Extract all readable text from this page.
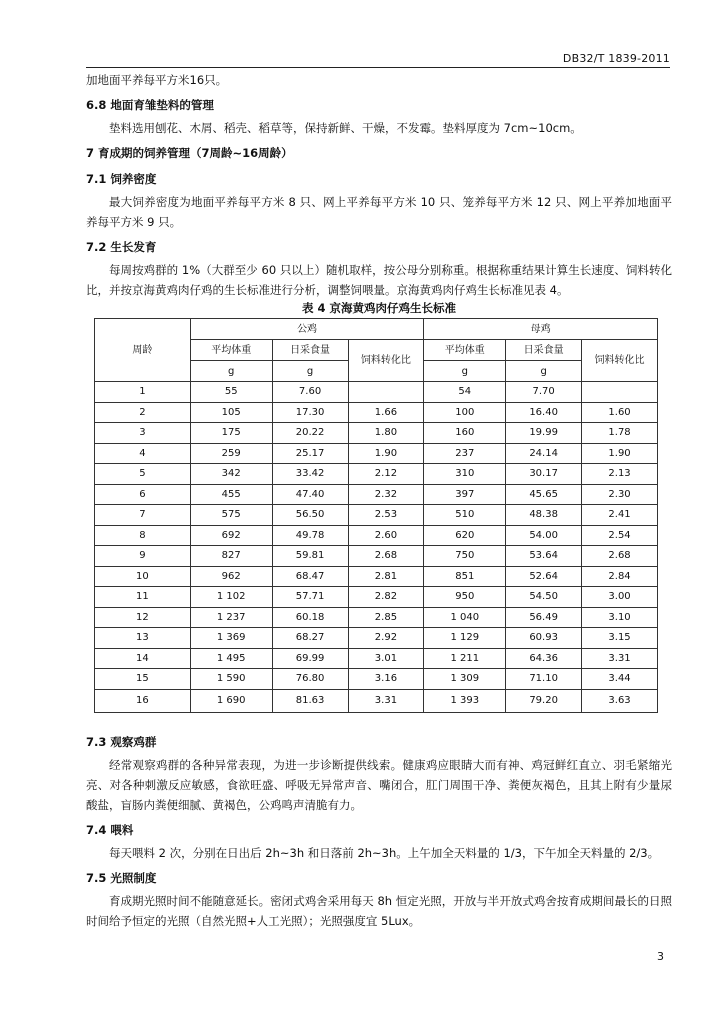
DB32/T 1839-2011

加地面平养每平方米16只。

6.8 地面育雏垫料的管理

垫料选用刨花、木屑、稻壳、稻草等，保持新鲜、干燥，不发霉。垫料厚度为 7cm~10cm。

7 育成期的饲养管理（7周龄~16周龄）
7.1 饲养密度

最大饲养密度为地面平养每平方米 8 只、网上平养每平方米 10 只、笼养每平方米 12 只、网上平养加地面平养每平方米 9 只。

7.2 生长发育

每周按鸡群的 1%（大群至少 60 只以上）随机取样，按公母分别称重。根据称重结果计算生长速度、饲料转化比，并按京海黄鸡肉仔鸡的生长标准进行分析，调整饲喂量。京海黄鸡肉仔鸡生长标准见表 4。

表 4 京海黄鸡肉仔鸡生长标准
周龄	公鸡			母鸡		
	平均体重	日采食量	饲料转化比	平均体重	日采食量	饲料转化比
	g	g		g	g	
1	55	7.60		54	7.70	
2	105	17.30	1.66	100	16.40	1.60
3	175	20.22	1.80	160	19.99	1.78
4	259	25.17	1.90	237	24.14	1.90
5	342	33.42	2.12	310	30.17	2.13
6	455	47.40	2.32	397	45.65	2.30
7	575	56.50	2.53	510	48.38	2.41
8	692	49.78	2.60	620	54.00	2.54
9	827	59.81	2.68	750	53.64	2.68
10	962	68.47	2.81	851	52.64	2.84
11	1 102	57.71	2.82	950	54.50	3.00
12	1 237	60.18	2.85	1 040	56.49	3.10
13	1 369	68.27	2.92	1 129	60.93	3.15
14	1 495	69.99	3.01	1 211	64.36	3.31
15	1 590	76.80	3.16	1 309	71.10	3.44
16	1 690	81.63	3.31	1 393	79.20	3.63
7.3 观察鸡群

经常观察鸡群的各种异常表现，为进一步诊断提供线索。健康鸡应眼睛大而有神、鸡冠鲜红直立、羽毛紧缩光亮、对各种刺激反应敏感，食欲旺盛、呼吸无异常声音、嘴闭合，肛门周围干净、粪便灰褐色，且其上附有少量尿酸盐，盲肠内粪便细腻、黄褐色，公鸡鸣声清脆有力。

7.4 喂料

每天喂料 2 次，分别在日出后 2h~3h 和日落前 2h~3h。上午加全天料量的 1/3，下午加全天料量的 2/3。

7.5 光照制度

育成期光照时间不能随意延长。密闭式鸡舍采用每天 8h 恒定光照，开放与半开放式鸡舍按育成期间最长的日照时间给予恒定的光照（自然光照+人工光照）；光照强度宜 5Lux。

3
